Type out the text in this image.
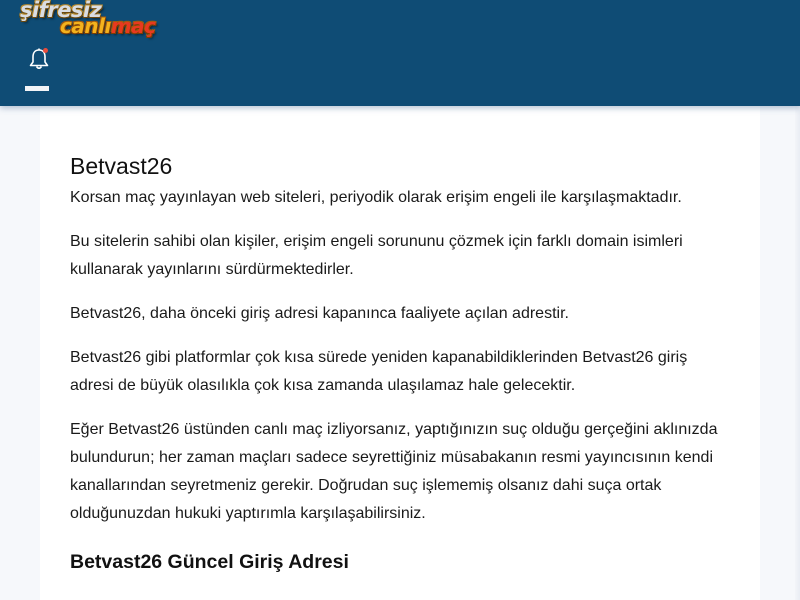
şifresiz
canlımaç
Betvast26

Korsan maç yayınlayan web siteleri, periyodik olarak erişim engeli ile karşılaşmaktadır.

Bu sitelerin sahibi olan kişiler, erişim engeli sorununu çözmek için farklı domain isimleri kullanarak yayınlarını sürdürmektedirler.

Betvast26, daha önceki giriş adresi kapanınca faaliyete açılan adrestir.

Betvast26 gibi platformlar çok kısa sürede yeniden kapanabildiklerinden Betvast26 giriş adresi de büyük olasılıkla çok kısa zamanda ulaşılamaz hale gelecektir.

Eğer Betvast26 üstünden canlı maç izliyorsanız, yaptığınızın suç olduğu gerçeğini aklınızda bulundurun; her zaman maçları sadece seyrettiğiniz müsabakanın resmi yayıncısının kendi kanallarından seyretmeniz gerekir. Doğrudan suç işlememiş olsanız dahi suça ortak olduğunuzdan hukuki yaptırımla karşılaşabilirsiniz.

Betvast26 Güncel Giriş Adresi
